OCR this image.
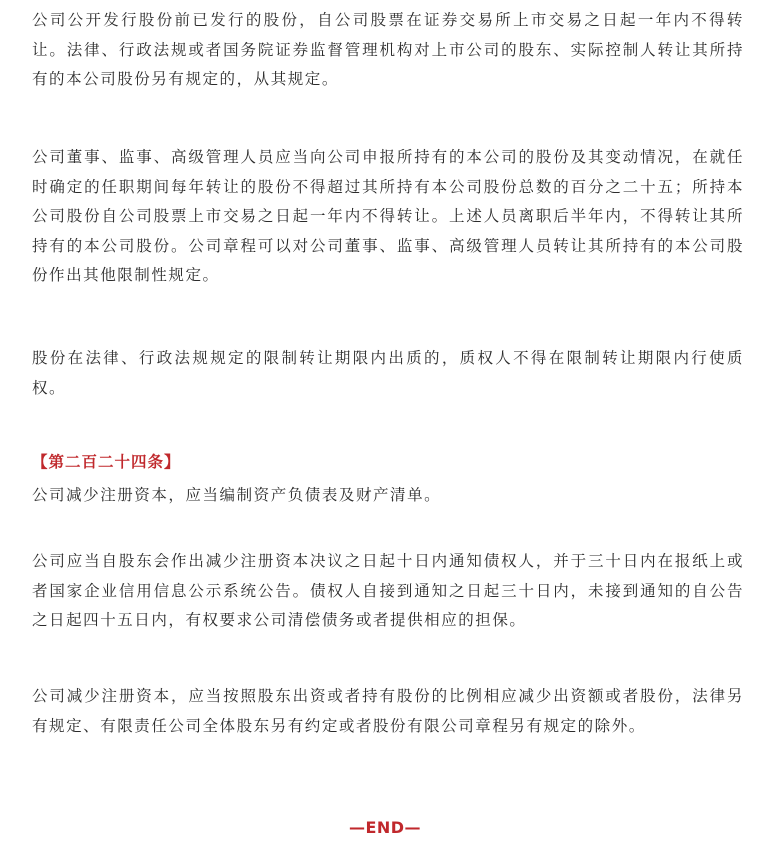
公司公开发行股份前已发行的股份，自公司股票在证券交易所上市交易之日起一年内不得转让。法律、行政法规或者国务院证券监督管理机构对上市公司的股东、实际控制人转让其所持有的本公司股份另有规定的，从其规定。

公司董事、监事、高级管理人员应当向公司申报所持有的本公司的股份及其变动情况，在就任时确定的任职期间每年转让的股份不得超过其所持有本公司股份总数的百分之二十五；所持本公司股份自公司股票上市交易之日起一年内不得转让。上述人员离职后半年内，不得转让其所持有的本公司股份。公司章程可以对公司董事、监事、高级管理人员转让其所持有的本公司股份作出其他限制性规定。

股份在法律、行政法规规定的限制转让期限内出质的，质权人不得在限制转让期限内行使质权。

【第二百二十四条】

公司减少注册资本，应当编制资产负债表及财产清单。

公司应当自股东会作出减少注册资本决议之日起十日内通知债权人，并于三十日内在报纸上或者国家企业信用信息公示系统公告。债权人自接到通知之日起三十日内，未接到通知的自公告之日起四十五日内，有权要求公司清偿债务或者提供相应的担保。

公司减少注册资本，应当按照股东出资或者持有股份的比例相应减少出资额或者股份，法律另有规定、有限责任公司全体股东另有约定或者股份有限公司章程另有规定的除外。

—END—
